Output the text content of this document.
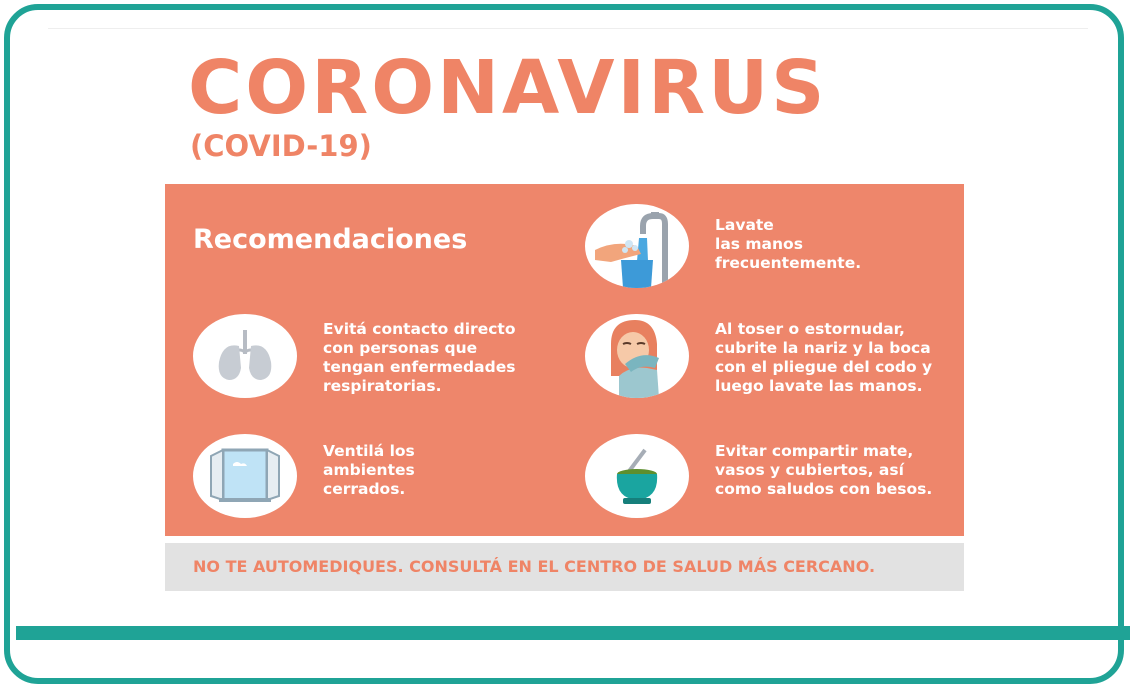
CORONAVIRUS
(COVID-19)
Recomendaciones	Lavate
las manos
frecuentemente.

Evitá contacto directo
con personas que
tengan enfermedades
respiratorias.

Al toser o estornudar,
cubrite la nariz y la boca
con el pliegue del codo y
luego lavate las manos.

Ventilá los
ambientes
cerrados.

Evitar compartir mate,
vasos y cubiertos, así
como saludos con besos.

NO TE AUTOMEDIQUES. CONSULTÁ EN EL CENTRO DE SALUD MÁS CERCANO.
